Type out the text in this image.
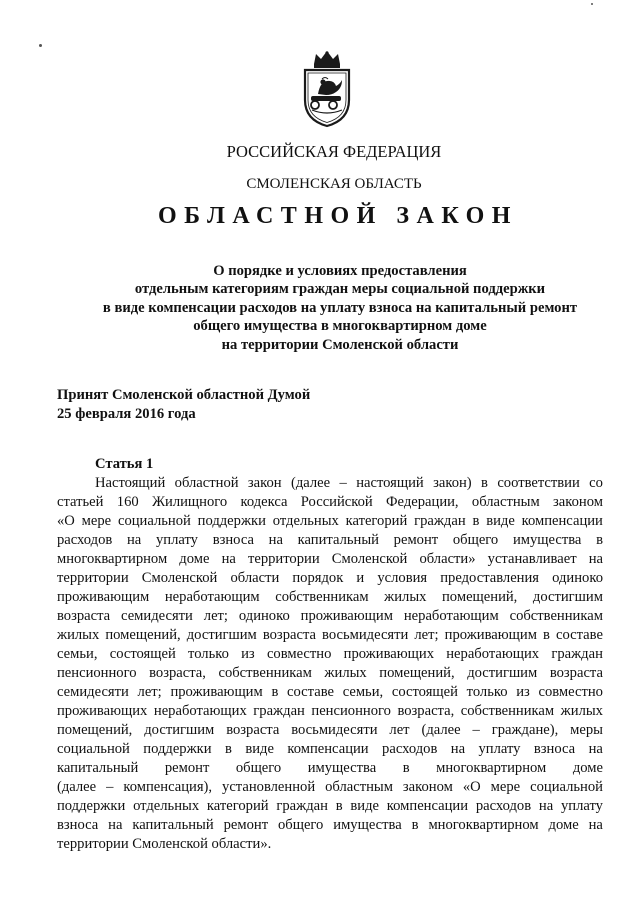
РОССИЙСКАЯ ФЕДЕРАЦИЯ
СМОЛЕНСКАЯ ОБЛАСТЬ
ОБЛАСТНОЙ ЗАКОН
О порядке и условиях предоставления
отдельным категориям граждан меры социальной поддержки
в виде компенсации расходов на уплату взноса на капитальный ремонт
общего имущества в многоквартирном доме
на территории Смоленской области
Принят Смоленской областной Думой
25 февраля 2016 года
Статья 1
Настоящий областной закон (далее – настоящий закон) в соответствии со
статьей 160 Жилищного кодекса Российской Федерации, областным законом
«О мере социальной поддержки отдельных категорий граждан в виде компенсации
расходов на уплату взноса на капитальный ремонт общего имущества в
многоквартирном доме на территории Смоленской области» устанавливает на
территории Смоленской области порядок и условия предоставления одиноко
проживающим неработающим собственникам жилых помещений, достигшим
возраста семидесяти лет; одиноко проживающим неработающим собственникам
жилых помещений, достигшим возраста восьмидесяти лет; проживающим в составе
семьи, состоящей только из совместно проживающих неработающих граждан
пенсионного возраста, собственникам жилых помещений, достигшим возраста
семидесяти лет; проживающим в составе семьи, состоящей только из совместно
проживающих неработающих граждан пенсионного возраста, собственникам жилых
помещений, достигшим возраста восьмидесяти лет (далее – граждане), меры
социальной поддержки в виде компенсации расходов на уплату взноса на
капитальный ремонт общего имущества в многоквартирном доме
(далее – компенсация), установленной областным законом «О мере социальной
поддержки отдельных категорий граждан в виде компенсации расходов на уплату
взноса на капитальный ремонт общего имущества в многоквартирном доме на
территории Смоленской области».
